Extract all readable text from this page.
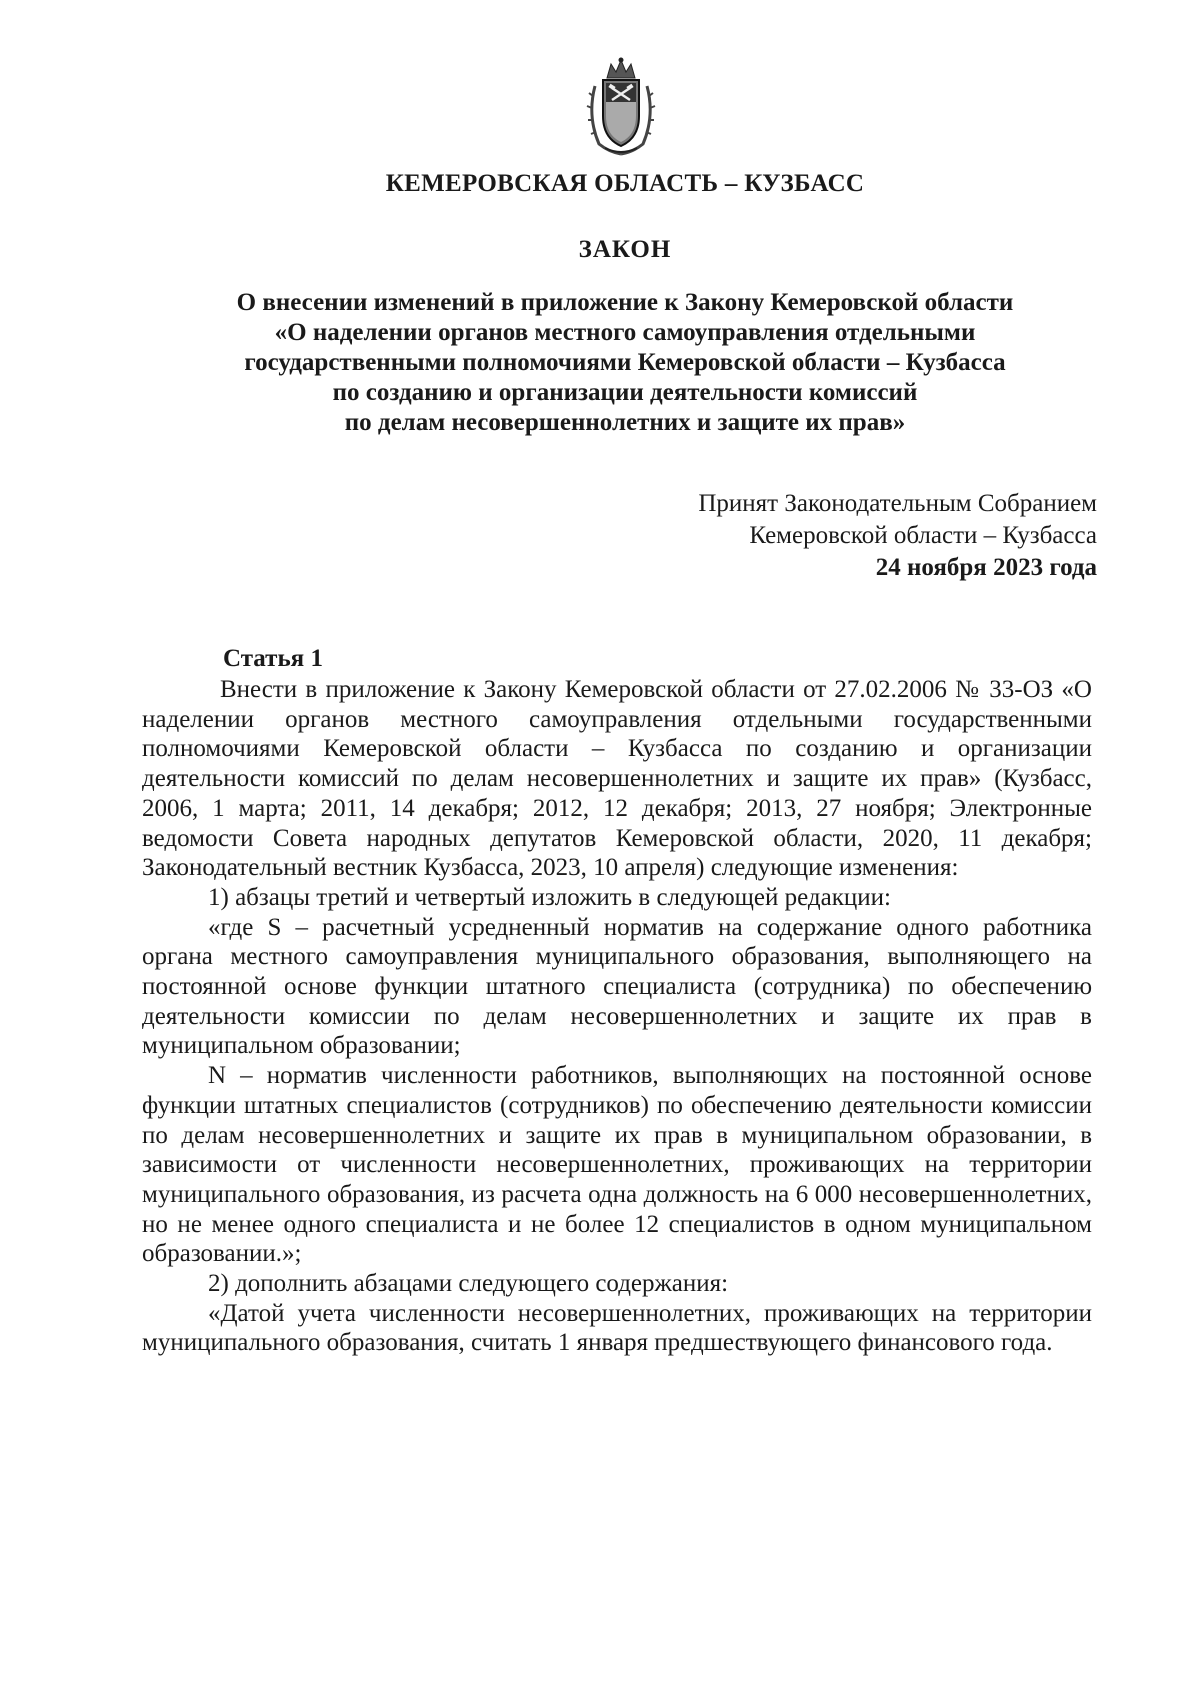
КЕМЕРОВСКАЯ ОБЛАСТЬ – КУЗБАСС
ЗАКОН
О внесении изменений в приложение к Закону Кемеровской области
«О наделении органов местного самоуправления отдельными
государственными полномочиями Кемеровской области – Кузбасса
по созданию и организации деятельности комиссий
по делам несовершеннолетних и защите их прав»
Принят Законодательным Собранием
Кемеровской области – Кузбасса
24 ноября 2023 года
Статья 1

Внести в приложение к Закону Кемеровской области от 27.02.2006 № 33-ОЗ «О наделении органов местного самоуправления отдельными государственными полномочиями Кемеровской области – Кузбасса по созданию и организации деятельности комиссий по делам несовершеннолетних и защите их прав» (Кузбасс, 2006, 1 марта; 2011, 14 декабря; 2012, 12 декабря; 2013, 27 ноября; Электронные ведомости Совета народных депутатов Кемеровской области, 2020, 11 декабря; Законодательный вестник Кузбасса, 2023, 10 апреля) следующие изменения:

1) абзацы третий и четвертый изложить в следующей редакции:

«где S – расчетный усредненный норматив на содержание одного работника органа местного самоуправления муниципального образования, выполняющего на постоянной основе функции штатного специалиста (сотрудника) по обеспечению деятельности комиссии по делам несовершеннолетних и защите их прав в муниципальном образовании;

N – норматив численности работников, выполняющих на постоянной основе функции штатных специалистов (сотрудников) по обеспечению деятельности комиссии по делам несовершеннолетних и защите их прав в муниципальном образовании, в зависимости от численности несовершеннолетних, проживающих на территории муниципального образования, из расчета одна должность на 6 000 несовершеннолетних, но не менее одного специалиста и не более 12 специалистов в одном муниципальном образовании.»;

2) дополнить абзацами следующего содержания:

«Датой учета численности несовершеннолетних, проживающих на территории муниципального образования, считать 1 января предшествующего финансового года.
